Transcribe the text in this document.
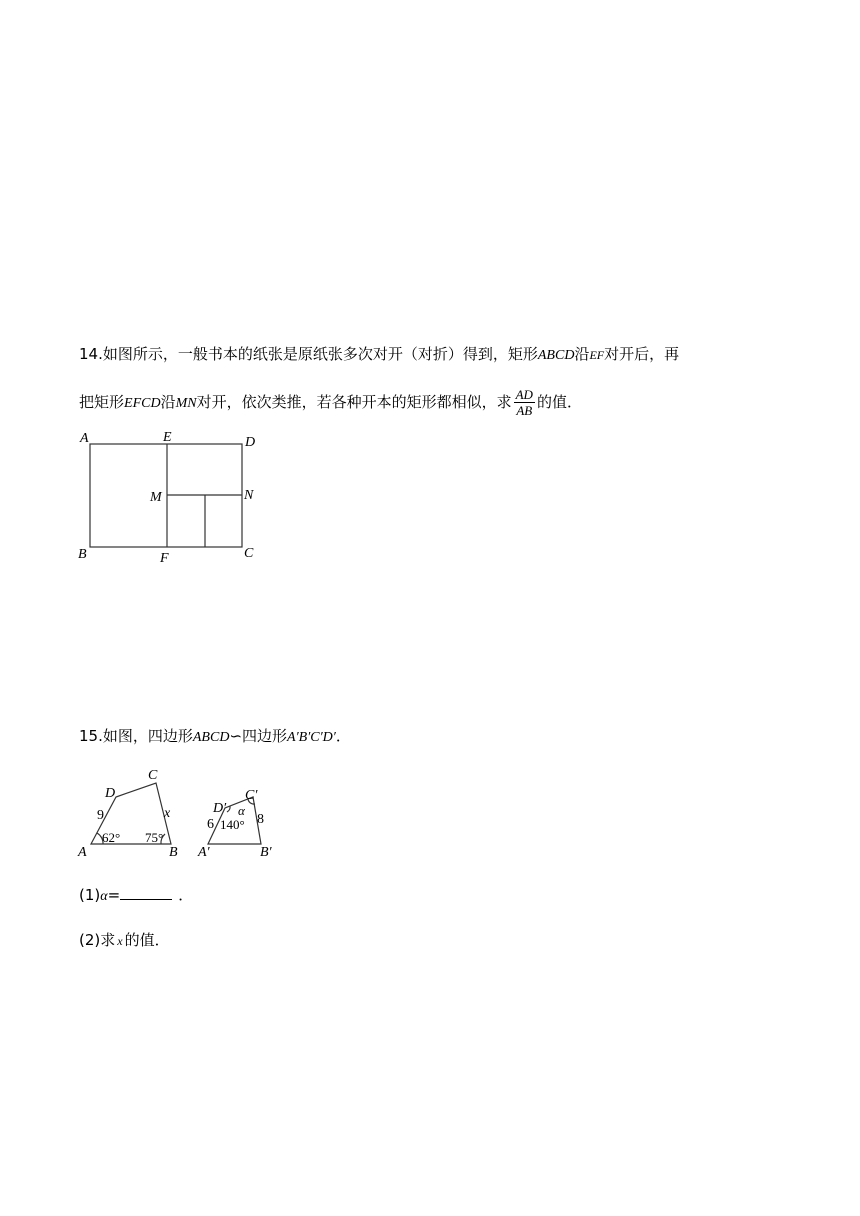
14.如图所示，一般书本的纸张是原纸张多次对开（对折）得到，矩形ABCD沿EF对开后，再
把矩形EFCD沿MN对开，依次类推，若各种开本的矩形都相似，求 $\frac{AD}{AB}$ 的值．
A	E	D
M	N
B	F	C
15.如图，四边形ABCD∽四边形A′B′C′D′．
A
D
C
B
9	x
62° 75°
A′
D′
C′
B′
6	8
140°
α
(1)α=	．
(2)求 x 的值．
